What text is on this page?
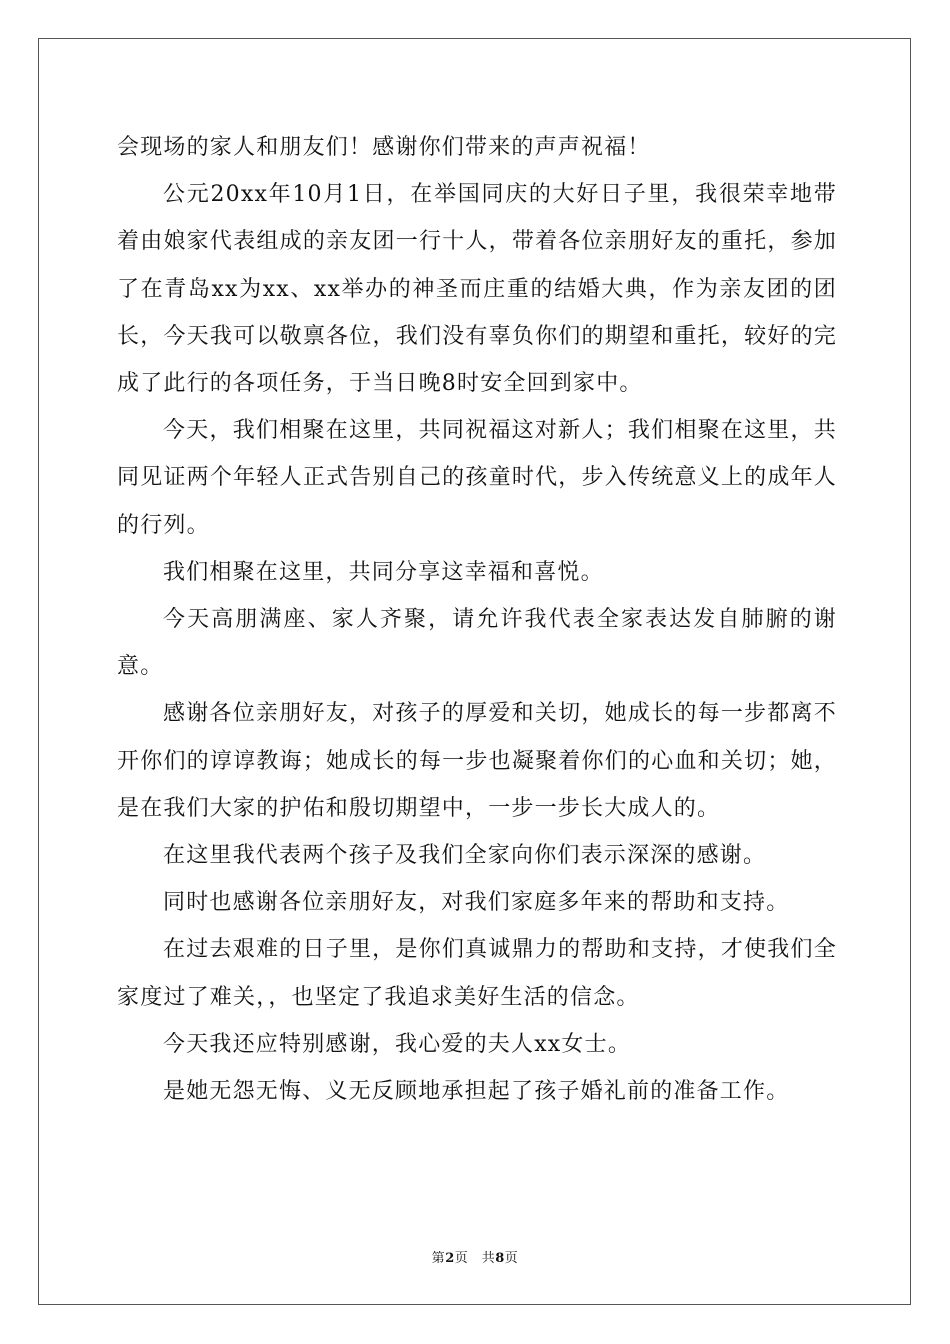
会现场的家人和朋友们！感谢你们带来的声声祝福！

公元20xx年10月1日，在举国同庆的大好日子里，我很荣幸地带着由娘家代表组成的亲友团一行十人，带着各位亲朋好友的重托，参加了在青岛xx为xx、xx举办的神圣而庄重的结婚大典，作为亲友团的团长，今天我可以敬禀各位，我们没有辜负你们的期望和重托，较好的完成了此行的各项任务，于当日晚8时安全回到家中。

今天，我们相聚在这里，共同祝福这对新人；我们相聚在这里，共同见证两个年轻人正式告别自己的孩童时代，步入传统意义上的成年人的行列。

我们相聚在这里，共同分享这幸福和喜悦。

今天高朋满座、家人齐聚，请允许我代表全家表达发自肺腑的谢意。

感谢各位亲朋好友，对孩子的厚爱和关切，她成长的每一步都离不开你们的谆谆教诲；她成长的每一步也凝聚着你们的心血和关切；她，是在我们大家的护佑和殷切期望中，一步一步长大成人的。

在这里我代表两个孩子及我们全家向你们表示深深的感谢。

同时也感谢各位亲朋好友，对我们家庭多年来的帮助和支持。

在过去艰难的日子里，是你们真诚鼎力的帮助和支持，才使我们全家度过了难关，，也坚定了我追求美好生活的信念。

今天我还应特别感谢，我心爱的夫人xx女士。

是她无怨无悔、义无反顾地承担起了孩子婚礼前的准备工作。

第2页　共8页
